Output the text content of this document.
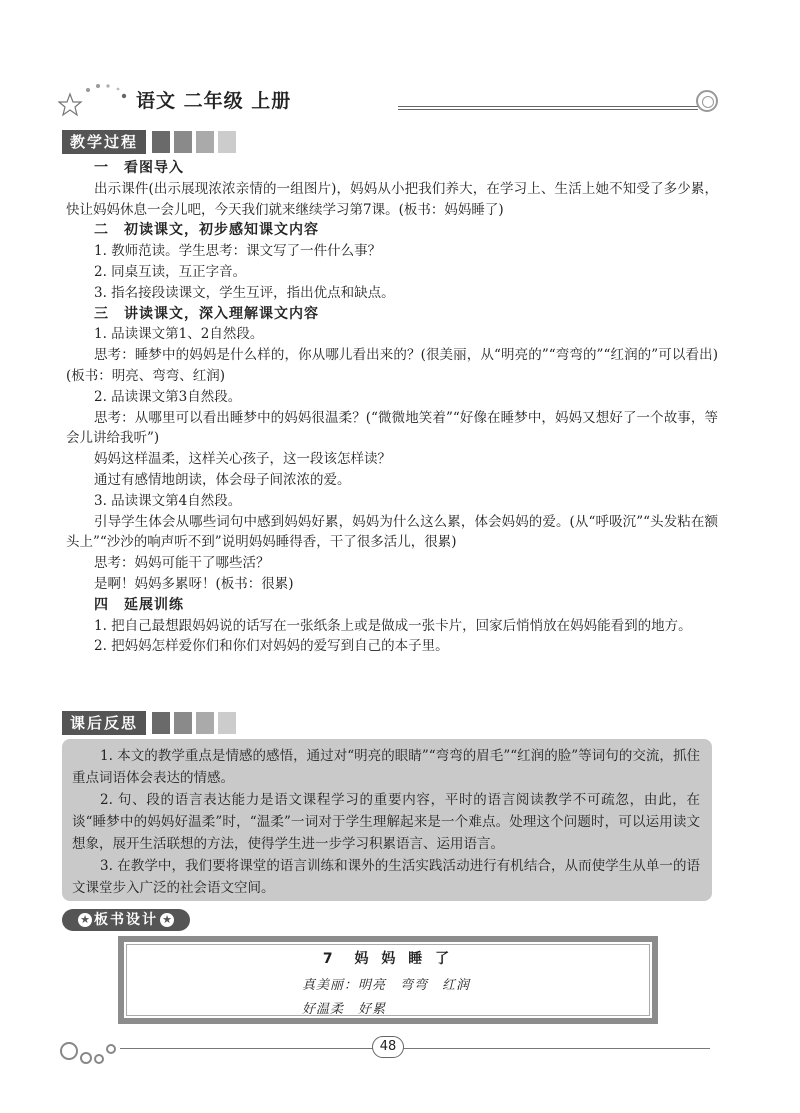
语文 二年级 上册
教学过程

一　看图导入

出示课件(出示展现浓浓亲情的一组图片)，妈妈从小把我们养大，在学习上、生活上她不知受了多少累，快让妈妈休息一会儿吧，今天我们就来继续学习第7课。(板书：妈妈睡了)

二　初读课文，初步感知课文内容

1. 教师范读。学生思考：课文写了一件什么事？

2. 同桌互读，互正字音。

3. 指名接段读课文，学生互评，指出优点和缺点。

三　讲读课文，深入理解课文内容

1. 品读课文第1、2自然段。

思考：睡梦中的妈妈是什么样的，你从哪儿看出来的？(很美丽，从“明亮的”“弯弯的”“红润的”可以看出)(板书：明亮、弯弯、红润)

2. 品读课文第3自然段。

思考：从哪里可以看出睡梦中的妈妈很温柔？(“微微地笑着”“好像在睡梦中，妈妈又想好了一个故事，等会儿讲给我听”)

妈妈这样温柔，这样关心孩子，这一段该怎样读？

通过有感情地朗读，体会母子间浓浓的爱。

3. 品读课文第4自然段。

引导学生体会从哪些词句中感到妈妈好累，妈妈为什么这么累，体会妈妈的爱。(从“呼吸沉”“头发粘在额头上”“沙沙的响声听不到”说明妈妈睡得香，干了很多活儿，很累)

思考：妈妈可能干了哪些活？

是啊！妈妈多累呀！(板书：很累)

四　延展训练

1. 把自己最想跟妈妈说的话写在一张纸条上或是做成一张卡片，回家后悄悄放在妈妈能看到的地方。

2. 把妈妈怎样爱你们和你们对妈妈的爱写到自己的本子里。

课后反思

1. 本文的教学重点是情感的感悟，通过对“明亮的眼睛”“弯弯的眉毛”“红润的脸”等词句的交流，抓住重点词语体会表达的情感。

2. 句、段的语言表达能力是语文课程学习的重要内容，平时的语言阅读教学不可疏忽，由此，在谈“睡梦中的妈妈好温柔”时，“温柔”一词对于学生理解起来是一个难点。处理这个问题时，可以运用读文想象，展开生活联想的方法，使得学生进一步学习积累语言、运用语言。

3. 在教学中，我们要将课堂的语言训练和课外的生活实践活动进行有机结合，从而使学生从单一的语文课堂步入广泛的社会语文空间。

★ 板书设计 ★
7　妈 妈 睡 了
真美丽：明亮　弯弯　红润
好温柔　好累
48
